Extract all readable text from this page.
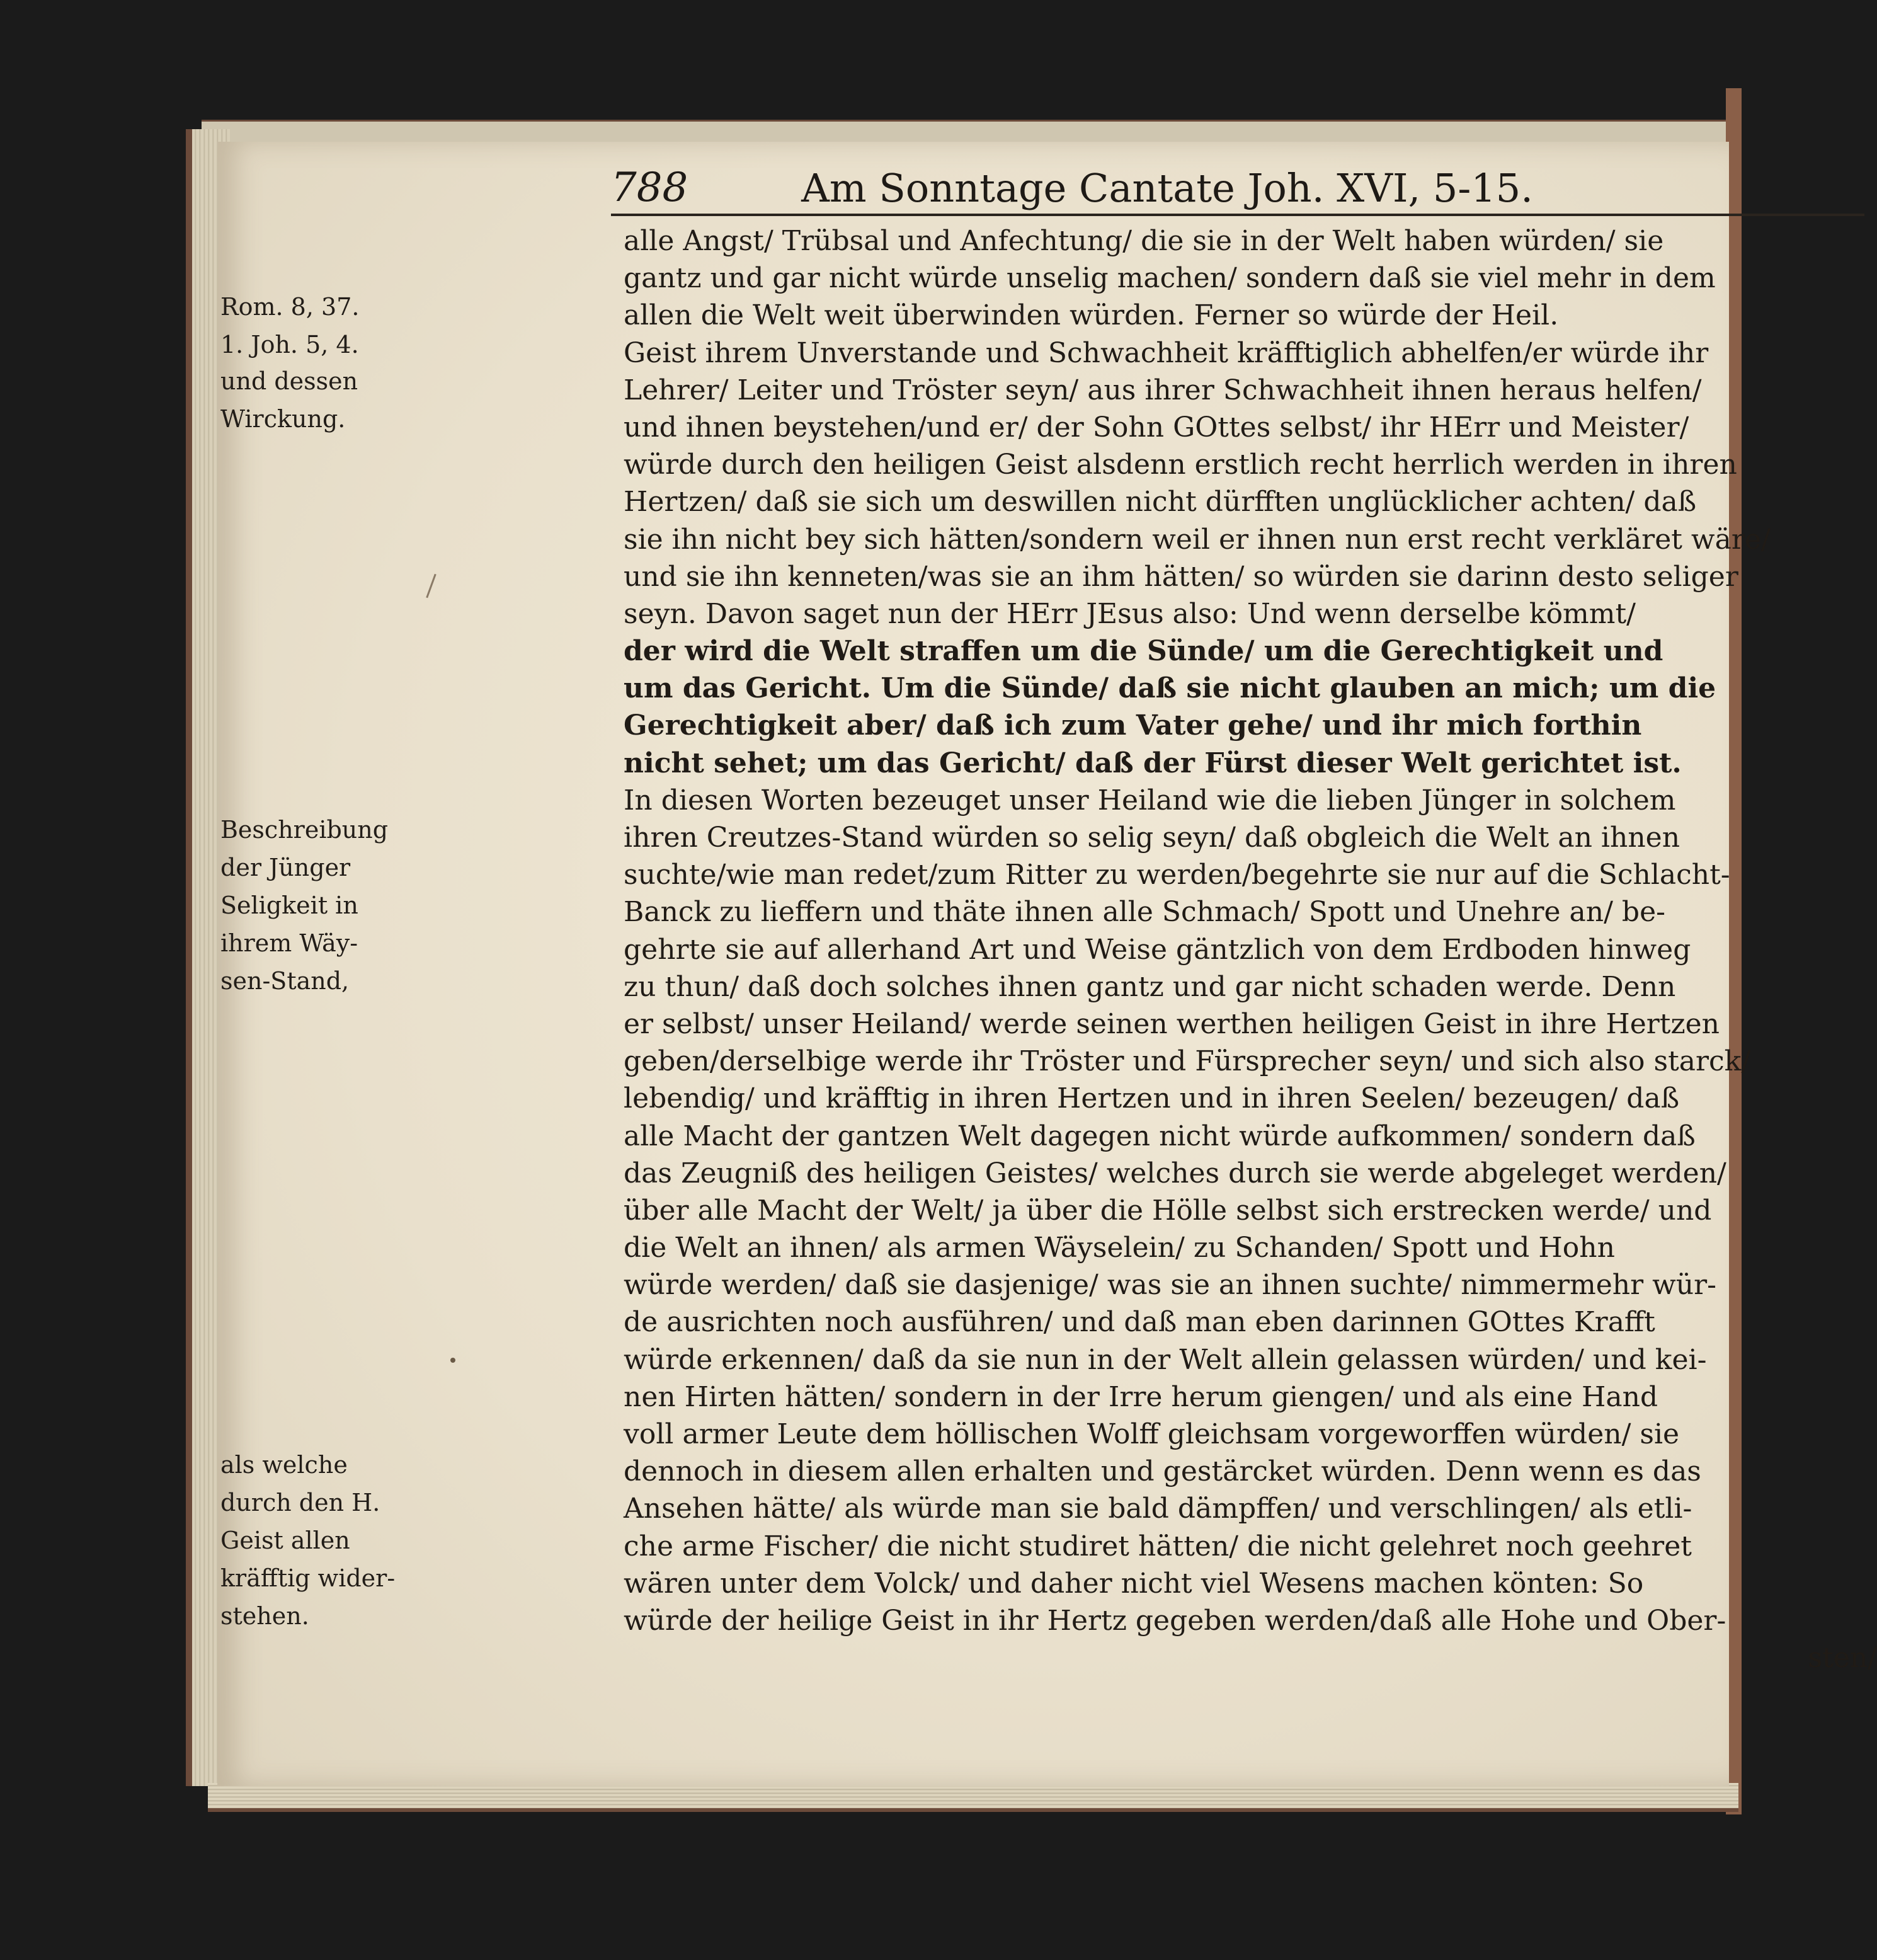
788	Am Sonntage Cantate Joh. XVI, 5-15.
Rom. 8, 37.
1. Joh. 5, 4.
und dessen
Wirckung.
Beschreibung
der Jünger
Seligkeit in
ihrem Wäy-
sen-Stand,
als welche
durch den H.
Geist allen
kräfftig wider-
stehen.
alle Angst/ Trübsal und Anfechtung/ die sie in der Welt haben würden/ sie
gantz und gar nicht würde unselig machen/ sondern daß sie viel mehr in dem
allen die Welt weit überwinden würden. Ferner so würde der Heil.
Geist ihrem Unverstande und Schwachheit kräfftiglich abhelfen/er würde ihr
Lehrer/ Leiter und Tröster seyn/ aus ihrer Schwachheit ihnen heraus helfen/
und ihnen beystehen/und er/ der Sohn GOttes selbst/ ihr HErr und Meister/
würde durch den heiligen Geist alsdenn erstlich recht herrlich werden in ihren
Hertzen/ daß sie sich um deswillen nicht dürfften unglücklicher achten/ daß
sie ihn nicht bey sich hätten/sondern weil er ihnen nun erst recht verkläret wäre/
und sie ihn kenneten/was sie an ihm hätten/ so würden sie darinn desto seliger
seyn. Davon saget nun der HErr JEsus also: Und wenn derselbe kömmt/
der wird die Welt straffen um die Sünde/ um die Gerechtigkeit und
um das Gericht. Um die Sünde/ daß sie nicht glauben an mich; um die
Gerechtigkeit aber/ daß ich zum Vater gehe/ und ihr mich forthin
nicht sehet; um das Gericht/ daß der Fürst dieser Welt gerichtet ist.
In diesen Worten bezeuget unser Heiland wie die lieben Jünger in solchem
ihren Creutzes-Stand würden so selig seyn/ daß obgleich die Welt an ihnen
suchte/wie man redet/zum Ritter zu werden/begehrte sie nur auf die Schlacht-
Banck zu lieffern und thäte ihnen alle Schmach/ Spott und Unehre an/ be-
gehrte sie auf allerhand Art und Weise gäntzlich von dem Erdboden hinweg
zu thun/ daß doch solches ihnen gantz und gar nicht schaden werde. Denn
er selbst/ unser Heiland/ werde seinen werthen heiligen Geist in ihre Hertzen
geben/derselbige werde ihr Tröster und Fürsprecher seyn/ und sich also starck/
lebendig/ und kräfftig in ihren Hertzen und in ihren Seelen/ bezeugen/ daß
alle Macht der gantzen Welt dagegen nicht würde aufkommen/ sondern daß
das Zeugniß des heiligen Geistes/ welches durch sie werde abgeleget werden/
über alle Macht der Welt/ ja über die Hölle selbst sich erstrecken werde/ und
die Welt an ihnen/ als armen Wäyselein/ zu Schanden/ Spott und Hohn
würde werden/ daß sie dasjenige/ was sie an ihnen suchte/ nimmermehr wür-
de ausrichten noch ausführen/ und daß man eben darinnen GOttes Krafft
würde erkennen/ daß da sie nun in der Welt allein gelassen würden/ und kei-
nen Hirten hätten/ sondern in der Irre herum giengen/ und als eine Hand
voll armer Leute dem höllischen Wolff gleichsam vorgeworffen würden/ sie
dennoch in diesem allen erhalten und gestärcket würden. Denn wenn es das
Ansehen hätte/ als würde man sie bald dämpffen/ und verschlingen/ als etli-
che arme Fischer/ die nicht studiret hätten/ die nicht gelehret noch geehret
wären unter dem Volck/ und daher nicht viel Wesens machen könten: So
würde der heilige Geist in ihr Hertz gegeben werden/daß alle Hohe und Ober-
sten/
